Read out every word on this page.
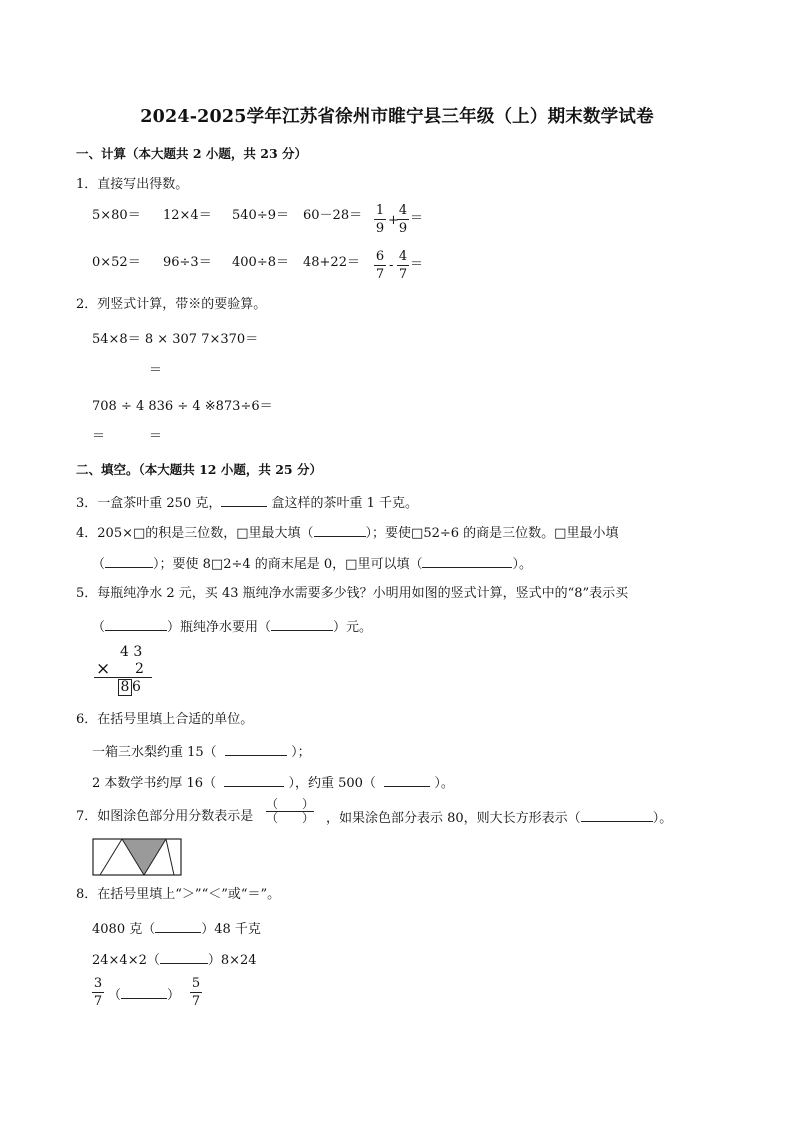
2024-2025学年江苏省徐州市睢宁县三年级（上）期末数学试卷
一、计算（本大题共 2 小题，共 23 分）
1．直接写出得数。
5×80＝ 12×4＝ 540÷9＝ 60－28＝ 1
9
+
4
9
＝
0×52＝ 96÷3＝ 400÷8＝ 48+22＝ 6
7
-
4
7
＝
2．列竖式计算，带※的要验算。
54×8＝ 8 × 307 7×370＝
＝
708 ÷ 4 836 ÷ 4 ※873÷6＝
＝	＝
二、填空。（本大题共 12 小题，共 25 分）
3．一盒茶叶重 250 克，	盒这样的茶叶重 1 千克。
4．205×□的积是三位数，□里最大填（	）；要使□52÷6 的商是三位数。□里最小填
（	）；要使 8□2÷4 的商末尾是 0，□里可以填（	）。
5．每瓶纯净水 2 元，买 43 瓶纯净水需要多少钱？小明用如图的竖式计算，竖式中的“8”表示买
（	）瓶纯净水要用（	）元。
4 3
× 2
8 6
6．在括号里填上合适的单位。
一箱三水梨约重 15（	）；
2 本数学书约厚 16（	），约重 500（	）。
7．如图涂色部分用分数表示是
（　　）
（　　） ，如果涂色部分表示 80，则大长方形表示（	）。
8．在括号里填上“＞”“＜”或“＝”。
4080 克（	）48 千克
24×4×2（	）8×24
3
7 （	）
5
7
